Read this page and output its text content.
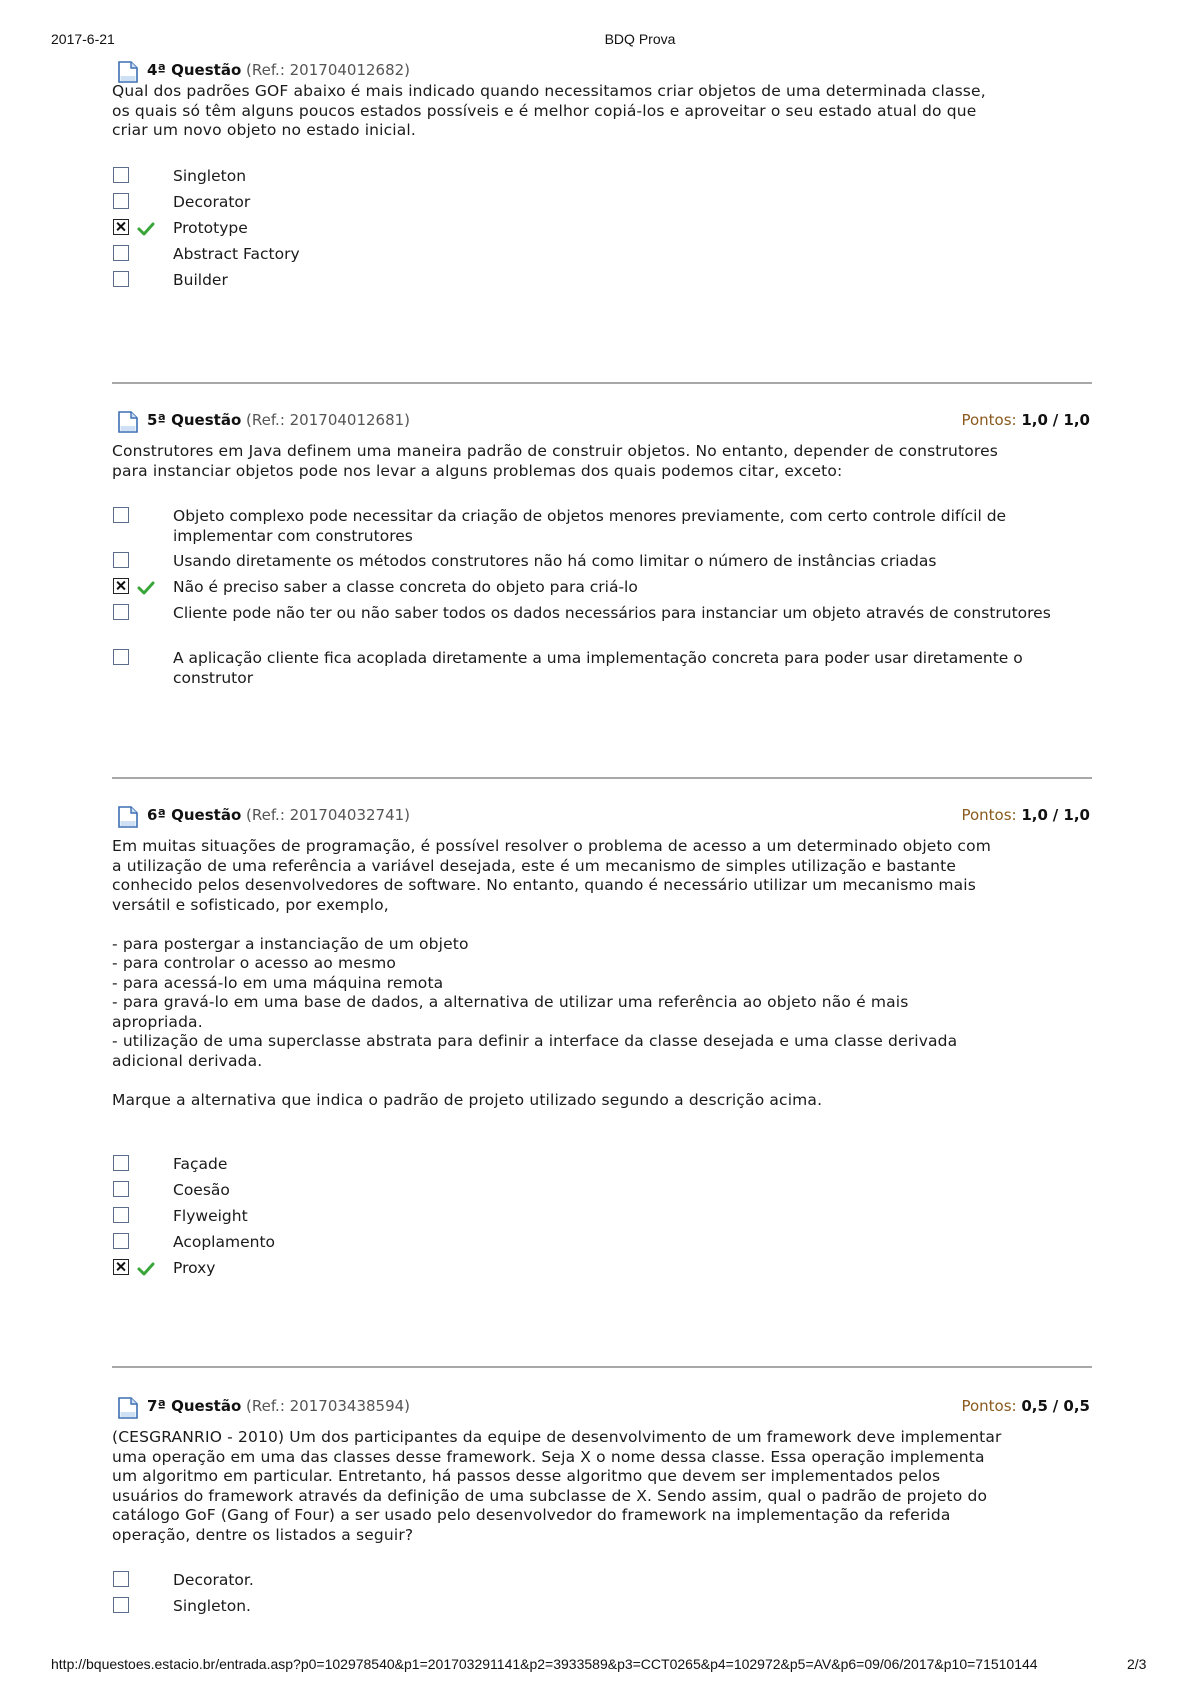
2017-6-21	BDQ Prova
4ª Questão (Ref.: 201704012682)

Qual dos padrões GOF abaixo é mais indicado quando necessitamos criar objetos de uma determinada classe,
os quais só têm alguns poucos estados possíveis e é melhor copiá-los e aproveitar o seu estado atual do que
criar um novo objeto no estado inicial.

Singleton
Decorator
Prototype
Abstract Factory
Builder
5ª Questão (Ref.: 201704012681)	Pontos: 1,0 / 1,0

Construtores em Java definem uma maneira padrão de construir objetos. No entanto, depender de construtores
para instanciar objetos pode nos levar a alguns problemas dos quais podemos citar, exceto:

Objeto complexo pode necessitar da criação de objetos menores previamente, com certo controle difícil de implementar com construtores
Usando diretamente os métodos construtores não há como limitar o número de instâncias criadas
Não é preciso saber a classe concreta do objeto para criá-lo
Cliente pode não ter ou não saber todos os dados necessários para instanciar um objeto através de construtores
A aplicação cliente fica acoplada diretamente a uma implementação concreta para poder usar diretamente o construtor
6ª Questão (Ref.: 201704032741)	Pontos: 1,0 / 1,0

Em muitas situações de programação, é possível resolver o problema de acesso a um determinado objeto com
a utilização de uma referência a variável desejada, este é um mecanismo de simples utilização e bastante
conhecido pelos desenvolvedores de software. No entanto, quando é necessário utilizar um mecanismo mais
versátil e sofisticado, por exemplo,

- para postergar a instanciação de um objeto
- para controlar o acesso ao mesmo
- para acessá-lo em uma máquina remota
- para gravá-lo em uma base de dados, a alternativa de utilizar uma referência ao objeto não é mais
apropriada.
- utilização de uma superclasse abstrata para definir a interface da classe desejada e uma classe derivada
adicional derivada.

Marque a alternativa que indica o padrão de projeto utilizado segundo a descrição acima.

Façade
Coesão
Flyweight
Acoplamento
Proxy
7ª Questão (Ref.: 201703438594)	Pontos: 0,5 / 0,5

(CESGRANRIO - 2010) Um dos participantes da equipe de desenvolvimento de um framework deve implementar
uma operação em uma das classes desse framework. Seja X o nome dessa classe. Essa operação implementa
um algoritmo em particular. Entretanto, há passos desse algoritmo que devem ser implementados pelos
usuários do framework através da definição de uma subclasse de X. Sendo assim, qual o padrão de projeto do
catálogo GoF (Gang of Four) a ser usado pelo desenvolvedor do framework na implementação da referida
operação, dentre os listados a seguir?

Decorator.
Singleton.
http://bquestoes.estacio.br/entrada.asp?p0=102978540&p1=201703291141&p2=3933589&p3=CCT0265&p4=102972&p5=AV&p6=09/06/2017&p10=71510144	2/3
